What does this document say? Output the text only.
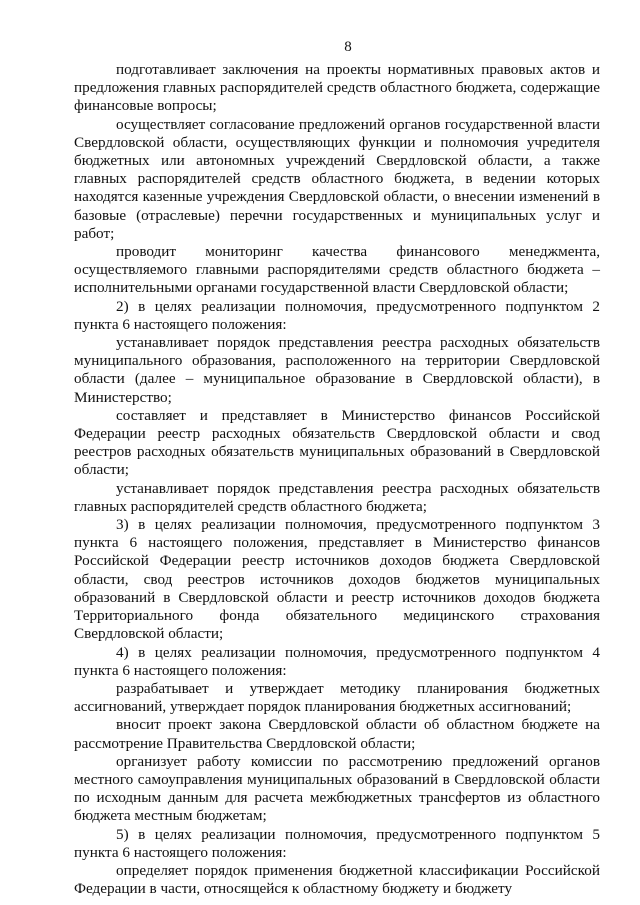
8

подготавливает заключения на проекты нормативных правовых актов и предложения главных распорядителей средств областного бюджета, содержащие финансовые вопросы;

осуществляет согласование предложений органов государственной власти Свердловской области, осуществляющих функции и полномочия учредителя бюджетных или автономных учреждений Свердловской области, а также главных распорядителей средств областного бюджета, в ведении которых находятся казенные учреждения Свердловской области, о внесении изменений в базовые (отраслевые) перечни государственных и муниципальных услуг и работ;

проводит мониторинг качества финансового менеджмента, осуществляемого главными распорядителями средств областного бюджета – исполнительными органами государственной власти Свердловской области;

2) в целях реализации полномочия, предусмотренного подпунктом 2 пункта 6 настоящего положения:

устанавливает порядок представления реестра расходных обязательств муниципального образования, расположенного на территории Свердловской области (далее – муниципальное образование в Свердловской области), в Министерство;

составляет и представляет в Министерство финансов Российской Федерации реестр расходных обязательств Свердловской области и свод реестров расходных обязательств муниципальных образований в Свердловской области;

устанавливает порядок представления реестра расходных обязательств главных распорядителей средств областного бюджета;

3) в целях реализации полномочия, предусмотренного подпунктом 3 пункта 6 настоящего положения, представляет в Министерство финансов Российской Федерации реестр источников доходов бюджета Свердловской области, свод реестров источников доходов бюджетов муниципальных образований в Свердловской области и реестр источников доходов бюджета Территориального фонда обязательного медицинского страхования Свердловской области;

4) в целях реализации полномочия, предусмотренного подпунктом 4 пункта 6 настоящего положения:

разрабатывает и утверждает методику планирования бюджетных ассигнований, утверждает порядок планирования бюджетных ассигнований;

вносит проект закона Свердловской области об областном бюджете на рассмотрение Правительства Свердловской области;

организует работу комиссии по рассмотрению предложений органов местного самоуправления муниципальных образований в Свердловской области по исходным данным для расчета межбюджетных трансфертов из областного бюджета местным бюджетам;

5) в целях реализации полномочия, предусмотренного подпунктом 5 пункта 6 настоящего положения:

определяет порядок применения бюджетной классификации Российской Федерации в части, относящейся к областному бюджету и бюджету
